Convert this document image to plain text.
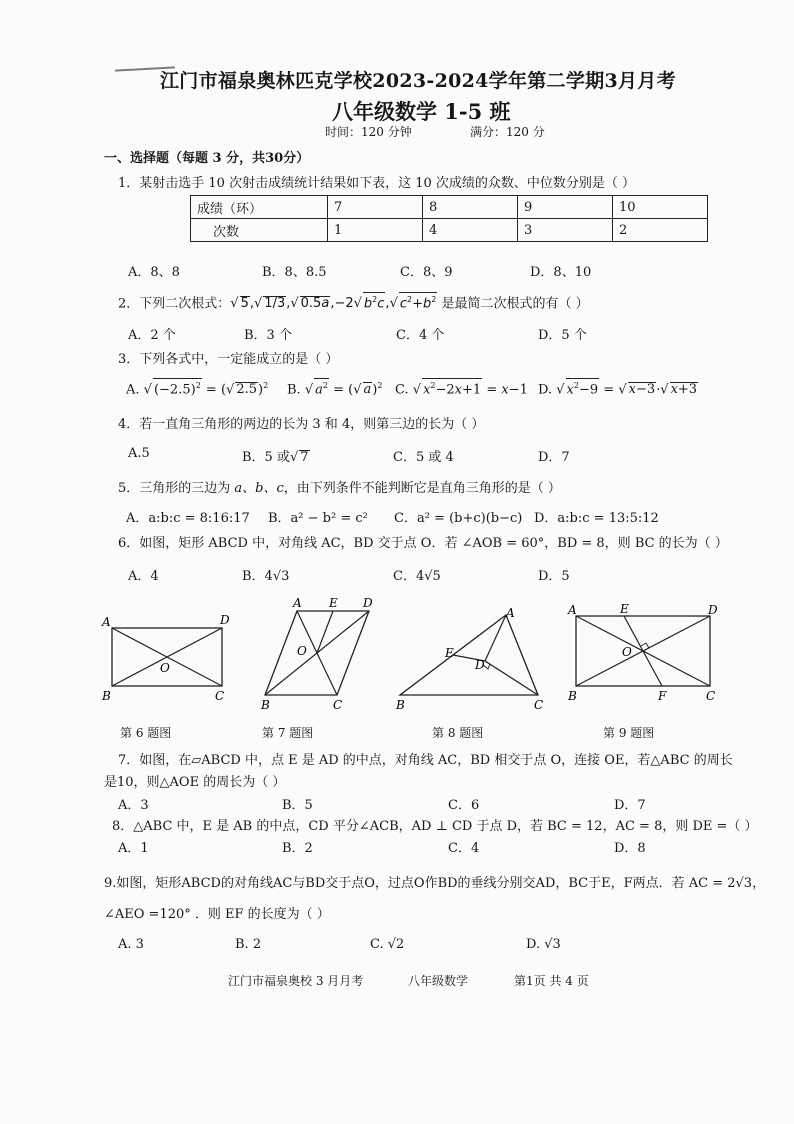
江门市福泉奥林匹克学校2023-2024学年第二学期3月月考
八年级数学 1-5 班
时间：120 分钟	满分：120 分
一、选择题（每题 3 分，共30分）
1．某射击选手 10 次射击成绩统计结果如下表，这 10 次成绩的众数、中位数分别是（ ）
成绩（环）	7	8	9	10
次数	1	4	3	2
A．8、8	B．8、8.5	C．8、9	D．8、10
2．下列二次根式：√ 5,√ 1/3,√ 0.5a,−2√ $b^2c,√$ $c^2+b^2$ 是最简二次根式的有（ ）
A．2 个	B．3 个	C．4 个	D．5 个
3．下列各式中，一定能成立的是（ ）
A. √ $(-2.5)^2$ = (√ 2.5)$^2$ B. √ $a^2$ = (√ a)$^2$ C. √ $x^2-2x+1 = x-1$ D. √ $x^2-9$ = √ x−3·√ x+3
4．若一直角三角形的两边的长为 3 和 4，则第三边的长为（ ）
A.5	B．5 或√ 7	C．5 或 4	D．7
5．三角形的三边为 a、b、c，由下列条件不能判断它是直角三角形的是（ ）
A．a:b:c = 8:16:17 B．a² − b² = c² C．a² = (b+c)(b−c) D．a:b:c = 13:5:12
6．如图，矩形 ABCD 中，对角线 AC，BD 交于点 O．若 ∠AOB = 60°，BD = 8，则 BC 的长为（ ）
A．4	B．4√3	C．4√5	D．5
A	D
B	C
O
A E D
O
B	C
A
E
D
B	C
A	E	D
O
B	F	C
第 6 题图	第 7 题图	第 8 题图	第 9 题图
7．如图，在▱ABCD 中，点 E 是 AD 的中点，对角线 AC，BD 相交于点 O，连接 OE，若△ABC 的周长
是10，则△AOE 的周长为（ ）
A．3	B．5	C．6	D．7
8．△ABC 中，E 是 AB 的中点，CD 平分∠ACB，AD ⊥ CD 于点 D，若 BC = 12，AC = 8，则 DE =（ ）
A．1	B．2	C．4	D．8
9.如图，矩形ABCD的对角线AC与BD交于点O，过点O作BD的垂线分别交AD，BC于E，F两点．若 AC = 2√3，
∠AEO =120° ．则 EF 的长度为（ ）
A. 3	B. 2	C. √2	D. √3
江门市福泉奥校 3 月月考	八年级数学	第1页 共 4 页
